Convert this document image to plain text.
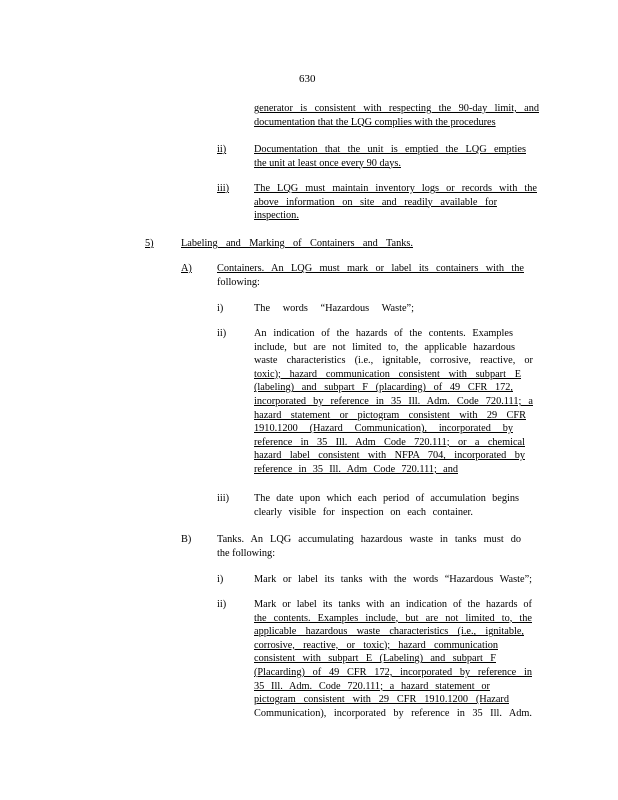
630
generator is consistent with respecting the 90-day limit, and
documentation that the LQG complies with the procedures
ii)	Documentation that the unit is emptied the LQG empties
the unit at least once every 90 days.
iii) The LQG must maintain inventory logs or records with the
above information on site and readily available for
inspection.
5)	Labeling and Marking of Containers and Tanks.
A) Containers. An LQG must mark or label its containers with the
following:
i)	The words “Hazardous Waste”;
ii)	An indication of the hazards of the contents. Examples
include, but are not limited to, the applicable hazardous
waste characteristics (i.e., ignitable, corrosive, reactive, or
toxic); hazard communication consistent with subpart E
(labeling) and subpart F (placarding) of 49 CFR 172,
incorporated by reference in 35 Ill. Adm. Code 720.111; a
hazard statement or pictogram consistent with 29 CFR
1910.1200 (Hazard Communication), incorporated by
reference in 35 Ill. Adm Code 720.111; or a chemical
hazard label consistent with NFPA 704, incorporated by
reference in 35 Ill. Adm Code 720.111; and
iii) The date upon which each period of accumulation begins
clearly visible for inspection on each container.
B) Tanks. An LQG accumulating hazardous waste in tanks must do
the following:
i)	Mark or label its tanks with the words “Hazardous Waste”;
ii)	Mark or label its tanks with an indication of the hazards of
the contents. Examples include, but are not limited to, the
applicable hazardous waste characteristics (i.e., ignitable,
corrosive, reactive, or toxic); hazard communication
consistent with subpart E (Labeling) and subpart F
(Placarding) of 49 CFR 172, incorporated by reference in
35 Ill. Adm. Code 720.111; a hazard statement or
pictogram consistent with 29 CFR 1910.1200 (Hazard
Communication), incorporated by reference in 35 Ill. Adm.
